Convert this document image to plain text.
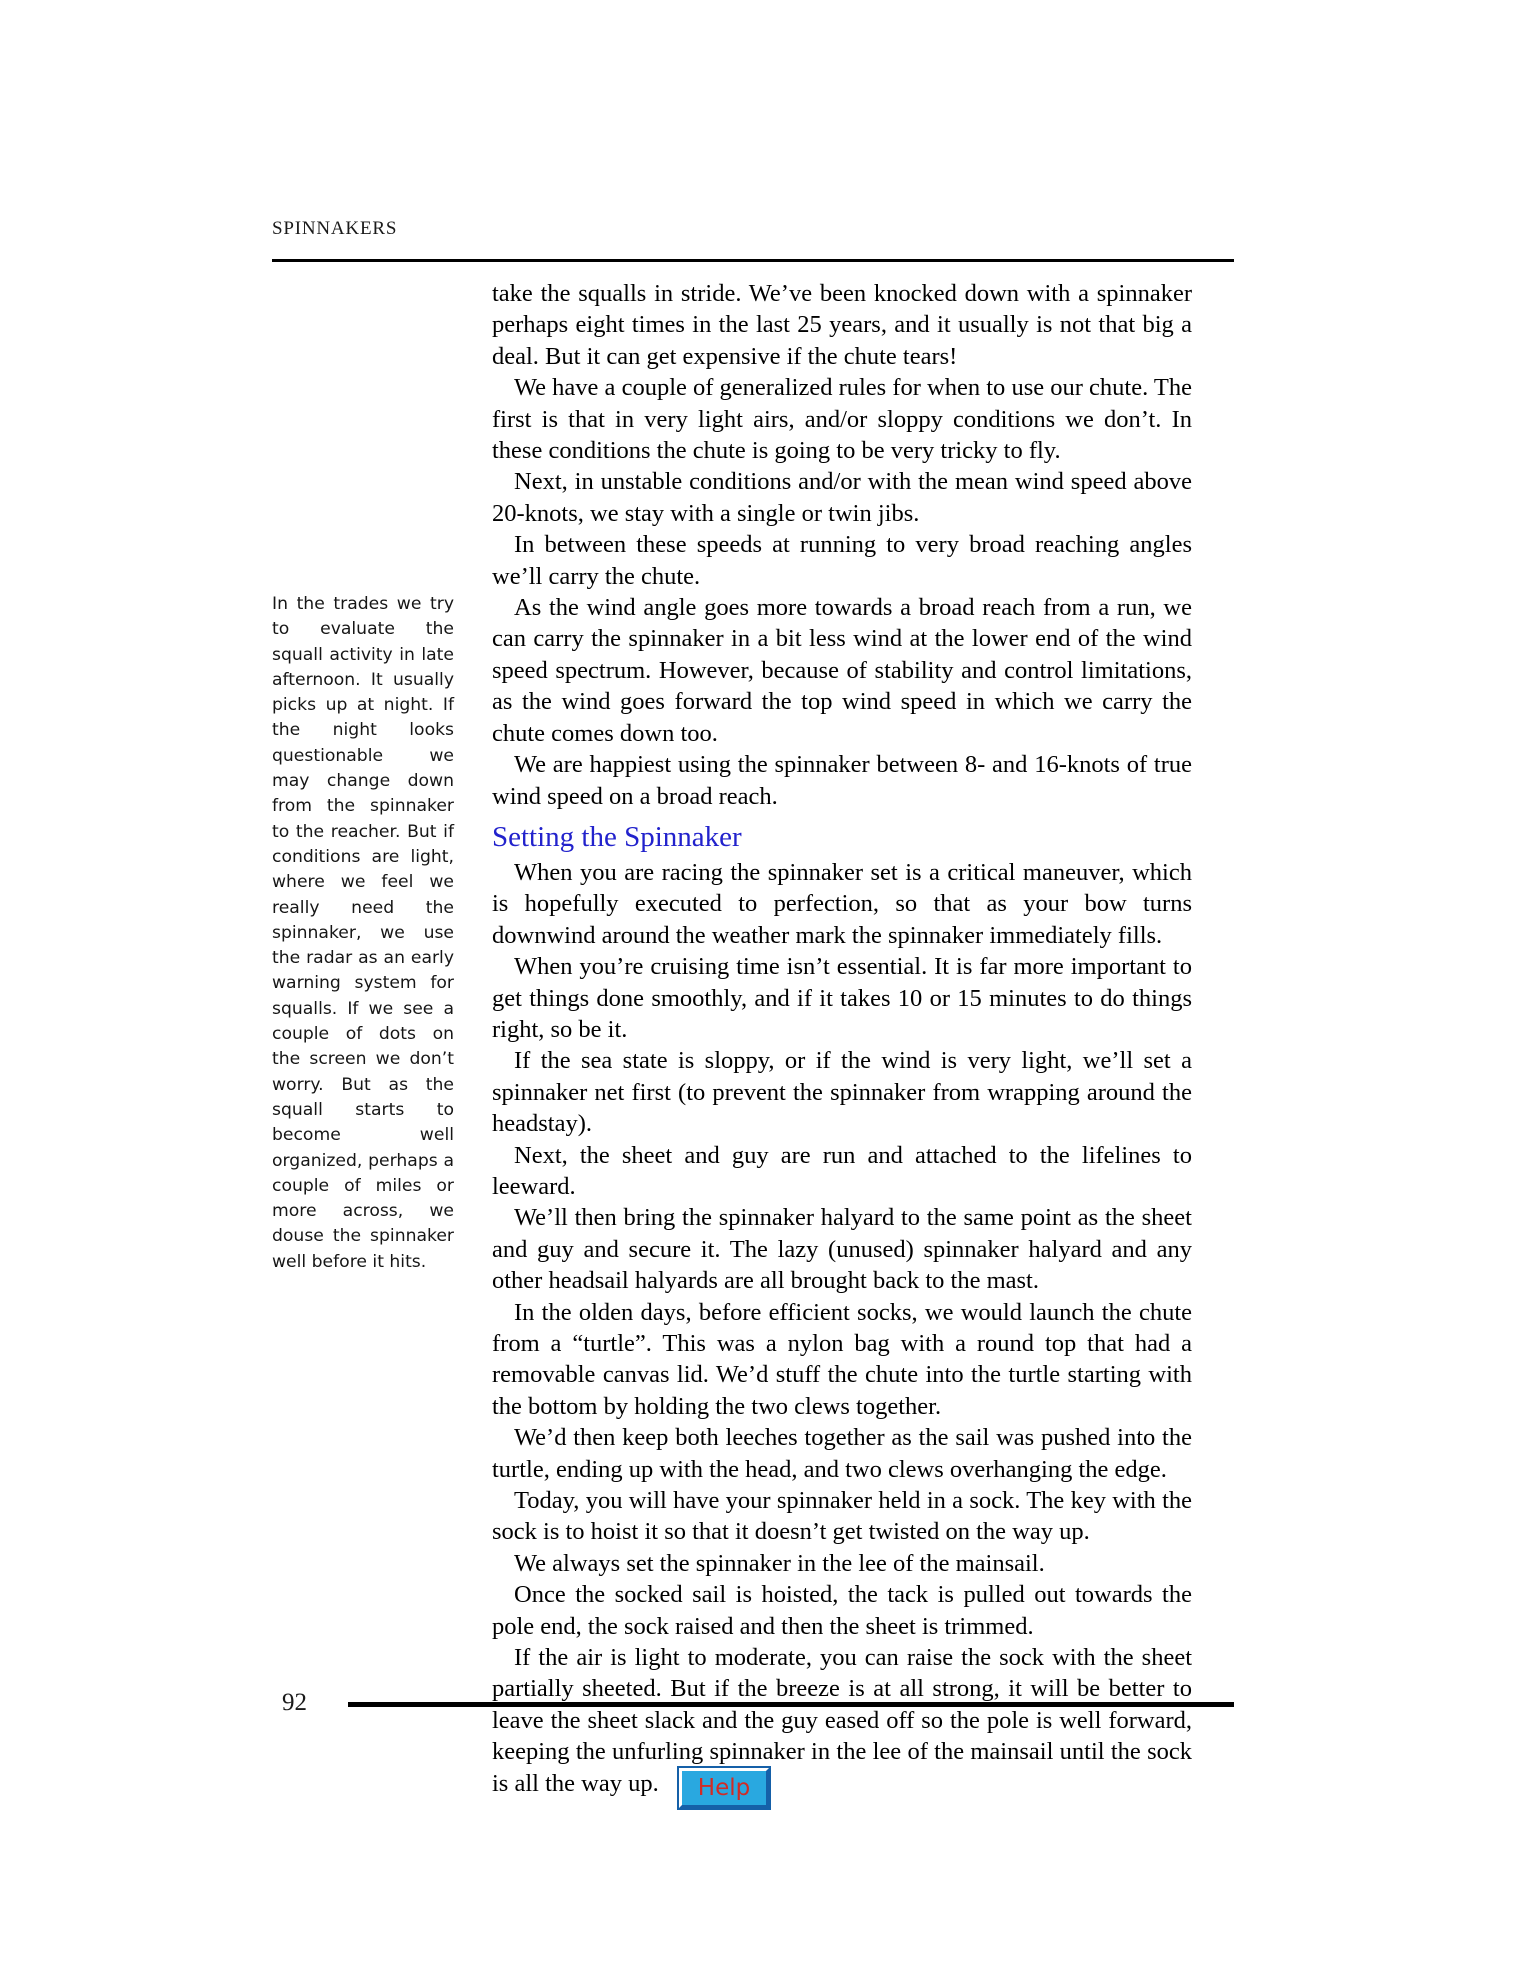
spinnakers

In the trades we try to evaluate the squall activity in late afternoon. It usually picks up at night. If the night looks questionable we may change down from the spinnaker to the reacher. But if conditions are light, where we feel we really need the spinnaker, we use the radar as an early warning system for squalls. If we see a couple of dots on the screen we don’t worry. But as the squall starts to become well organized, perhaps a couple of miles or more across, we douse the spinnaker well before it hits.

take the squalls in stride. We’ve been knocked down with a spinnaker perhaps eight times in the last 25 years, and it usually is not that big a deal. But it can get expensive if the chute tears!

We have a couple of generalized rules for when to use our chute. The first is that in very light airs, and/or sloppy conditions we don’t. In these conditions the chute is going to be very tricky to fly.

Next, in unstable conditions and/or with the mean wind speed above 20-knots, we stay with a single or twin jibs.

In between these speeds at running to very broad reaching angles we’ll carry the chute.

As the wind angle goes more towards a broad reach from a run, we can carry the spinnaker in a bit less wind at the lower end of the wind speed spectrum. However, because of stability and control limitations, as the wind goes forward the top wind speed in which we carry the chute comes down too.

We are happiest using the spinnaker between 8- and 16-knots of true wind speed on a broad reach.

Setting the Spinnaker

When you are racing the spinnaker set is a critical maneuver, which is hopefully executed to perfection, so that as your bow turns downwind around the weather mark the spinnaker immediately fills.

When you’re cruising time isn’t essential. It is far more important to get things done smoothly, and if it takes 10 or 15 minutes to do things right, so be it.

If the sea state is sloppy, or if the wind is very light, we’ll set a spinnaker net first (to prevent the spinnaker from wrapping around the headstay).

Next, the sheet and guy are run and attached to the lifelines to leeward.

We’ll then bring the spinnaker halyard to the same point as the sheet and guy and secure it. The lazy (unused) spinnaker halyard and any other headsail halyards are all brought back to the mast.

In the olden days, before efficient socks, we would launch the chute from a “turtle”. This was a nylon bag with a round top that had a removable canvas lid. We’d stuff the chute into the turtle starting with the bottom by holding the two clews together.

We’d then keep both leeches together as the sail was pushed into the turtle, ending up with the head, and two clews overhanging the edge.

Today, you will have your spinnaker held in a sock. The key with the sock is to hoist it so that it doesn’t get twisted on the way up.

We always set the spinnaker in the lee of the mainsail.

Once the socked sail is hoisted, the tack is pulled out towards the pole end, the sock raised and then the sheet is trimmed.

If the air is light to moderate, you can raise the sock with the sheet partially sheeted. But if the breeze is at all strong, it will be better to leave the sheet slack and the guy eased off so the pole is well forward, keeping the unfurling spinnaker in the lee of the mainsail until the sock is all the way up.

92
Help
